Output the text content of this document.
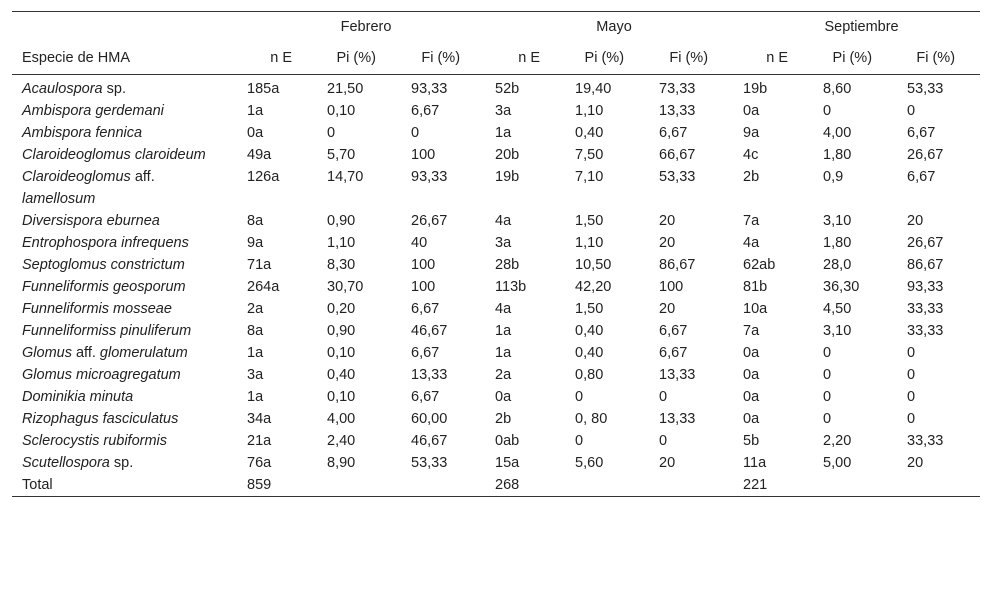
	Febrero			Mayo			Septiembre		
Especie de HMA	n E	Pi (%)	Fi (%)	n E	Pi (%)	Fi (%)	n E	Pi (%)	Fi (%)
Acaulospora sp.	185a	21,50	93,33	52b	19,40	73,33	19b	8,60	53,33
Ambispora gerdemani	1a	0,10	6,67	3a	1,10	13,33	0a	0	0
Ambispora fennica	0a	0	0	1a	0,40	6,67	9a	4,00	6,67
Claroideoglomus claroideum	49a	5,70	100	20b	7,50	66,67	4c	1,80	26,67
Claroideoglomus aff. lamellosum	126a	14,70	93,33	19b	7,10	53,33	2b	0,9	6,67
Diversispora eburnea	8a	0,90	26,67	4a	1,50	20	7a	3,10	20
Entrophospora infrequens	9a	1,10	40	3a	1,10	20	4a	1,80	26,67
Septoglomus constrictum	71a	8,30	100	28b	10,50	86,67	62ab	28,0	86,67
Funneliformis geosporum	264a	30,70	100	113b	42,20	100	81b	36,30	93,33
Funneliformis mosseae	2a	0,20	6,67	4a	1,50	20	10a	4,50	33,33
Funneliformiss pinuliferum	8a	0,90	46,67	1a	0,40	6,67	7a	3,10	33,33
Glomus aff. glomerulatum	1a	0,10	6,67	1a	0,40	6,67	0a	0	0
Glomus microagregatum	3a	0,40	13,33	2a	0,80	13,33	0a	0	0
Dominikia minuta	1a	0,10	6,67	0a	0	0	0a	0	0
Rizophagus fasciculatus	34a	4,00	60,00	2b	0, 80	13,33	0a	0	0
Sclerocystis rubiformis	21a	2,40	46,67	0ab	0	0	5b	2,20	33,33
Scutellospora sp.	76a	8,90	53,33	15a	5,60	20	11a	5,00	20
Total	859			268			221		
